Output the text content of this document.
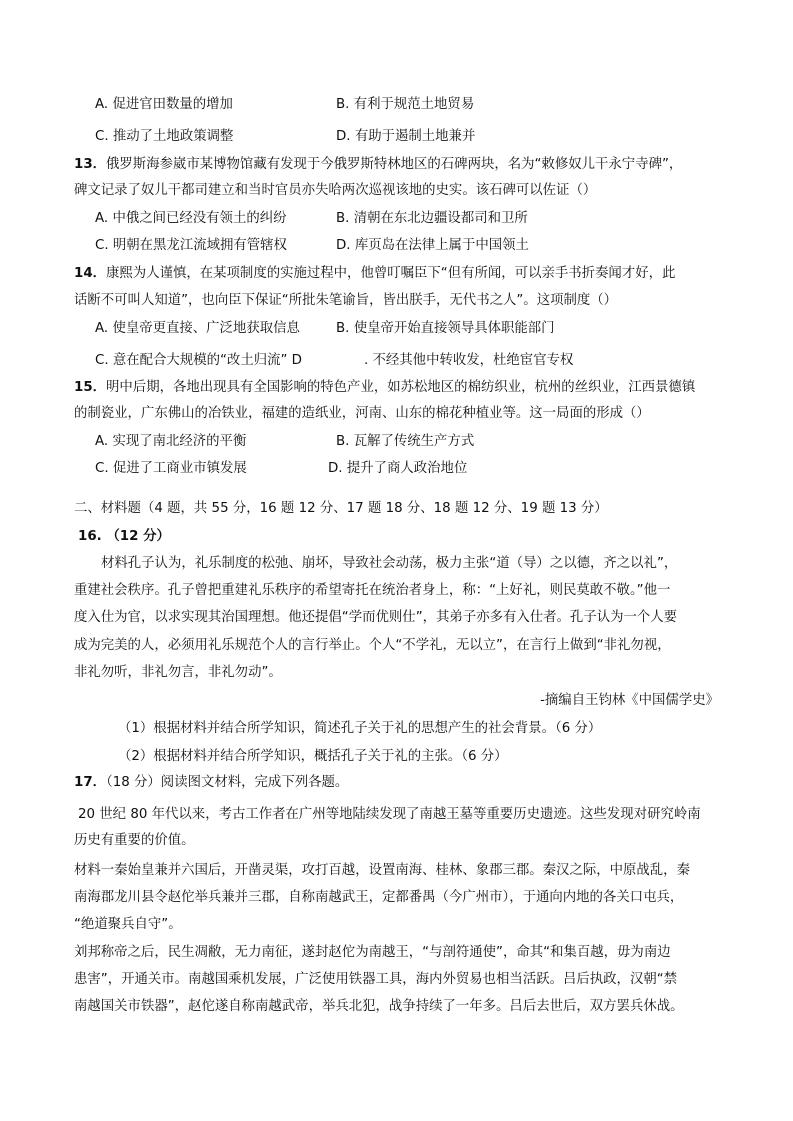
A. 促进官田数量的增加	B. 有利于规范土地贸易
C. 推动了土地政策调整	D. 有助于遏制土地兼并
13．俄罗斯海参崴市某博物馆藏有发现于今俄罗斯特林地区的石碑两块，名为“敕修奴儿干永宁寺碑”，
碑文记录了奴儿干都司建立和当时官员亦失哈两次巡视该地的史实。该石碑可以佐证（）
A. 中俄之间已经没有领土的纠纷	B. 清朝在东北边疆设都司和卫所
C. 明朝在黑龙江流域拥有管辖权	D. 库页岛在法律上属于中国领土
14．康熙为人谨慎，在某项制度的实施过程中，他曾叮嘱臣下“但有所闻，可以亲手书折奏闻才好，此
话断不可叫人知道”，也向臣下保证“所批朱笔谕旨，皆出朕手，无代书之人”。这项制度（）
A. 使皇帝更直接、广泛地获取信息	B. 使皇帝开始直接领导具体职能部门
C. 意在配合大规模的“改土归流” D	. 不经其他中转收发，杜绝宦官专权
15．明中后期，各地出现具有全国影响的特色产业，如苏松地区的棉纺织业，杭州的丝织业，江西景德镇
的制瓷业，广东佛山的冶铁业，福建的造纸业，河南、山东的棉花种植业等。这一局面的形成（）
A. 实现了南北经济的平衡	B. 瓦解了传统生产方式
C. 促进了工商业市镇发展	D. 提升了商人政治地位
二、材料题（4 题，共 55 分，16 题 12 分、17 题 18 分、18 题 12 分、19 题 13 分）
16. （12 分）
材料孔子认为，礼乐制度的松弛、崩坏，导致社会动荡，极力主张“道（导）之以德，齐之以礼”，
重建社会秩序。孔子曾把重建礼乐秩序的希望寄托在统治者身上，称：“上好礼，则民莫敢不敬。”他一
度入仕为官，以求实现其治国理想。他还提倡“学而优则仕”，其弟子亦多有入仕者。孔子认为一个人要
成为完美的人，必须用礼乐规范个人的言行举止。个人“不学礼，无以立”，在言行上做到“非礼勿视，
非礼勿听，非礼勿言，非礼勿动”。
-摘编自王钧林《中国儒学史》
（1）根据材料并结合所学知识，简述孔子关于礼的思想产生的社会背景。（6 分）
（2）根据材料并结合所学知识，概括孔子关于礼的主张。（6 分）
17．（18 分）阅读图文材料，完成下列各题。
20 世纪 80 年代以来，考古工作者在广州等地陆续发现了南越王墓等重要历史遗迹。这些发现对研究岭南
历史有重要的价值。
材料一秦始皇兼并六国后，开凿灵渠，攻打百越，设置南海、桂林、象郡三郡。秦汉之际，中原战乱，秦
南海郡龙川县令赵佗举兵兼并三郡，自称南越武王，定都番禺（今广州市），于通向内地的各关口屯兵，
“绝道聚兵自守”。
刘邦称帝之后，民生凋敝，无力南征，遂封赵佗为南越王，“与剖符通使”，命其“和集百越，毋为南边
患害”，开通关市。南越国乘机发展，广泛使用铁器工具，海内外贸易也相当活跃。吕后执政，汉朝“禁
南越国关市铁器”，赵佗遂自称南越武帝，举兵北犯，战争持续了一年多。吕后去世后，双方罢兵休战。
